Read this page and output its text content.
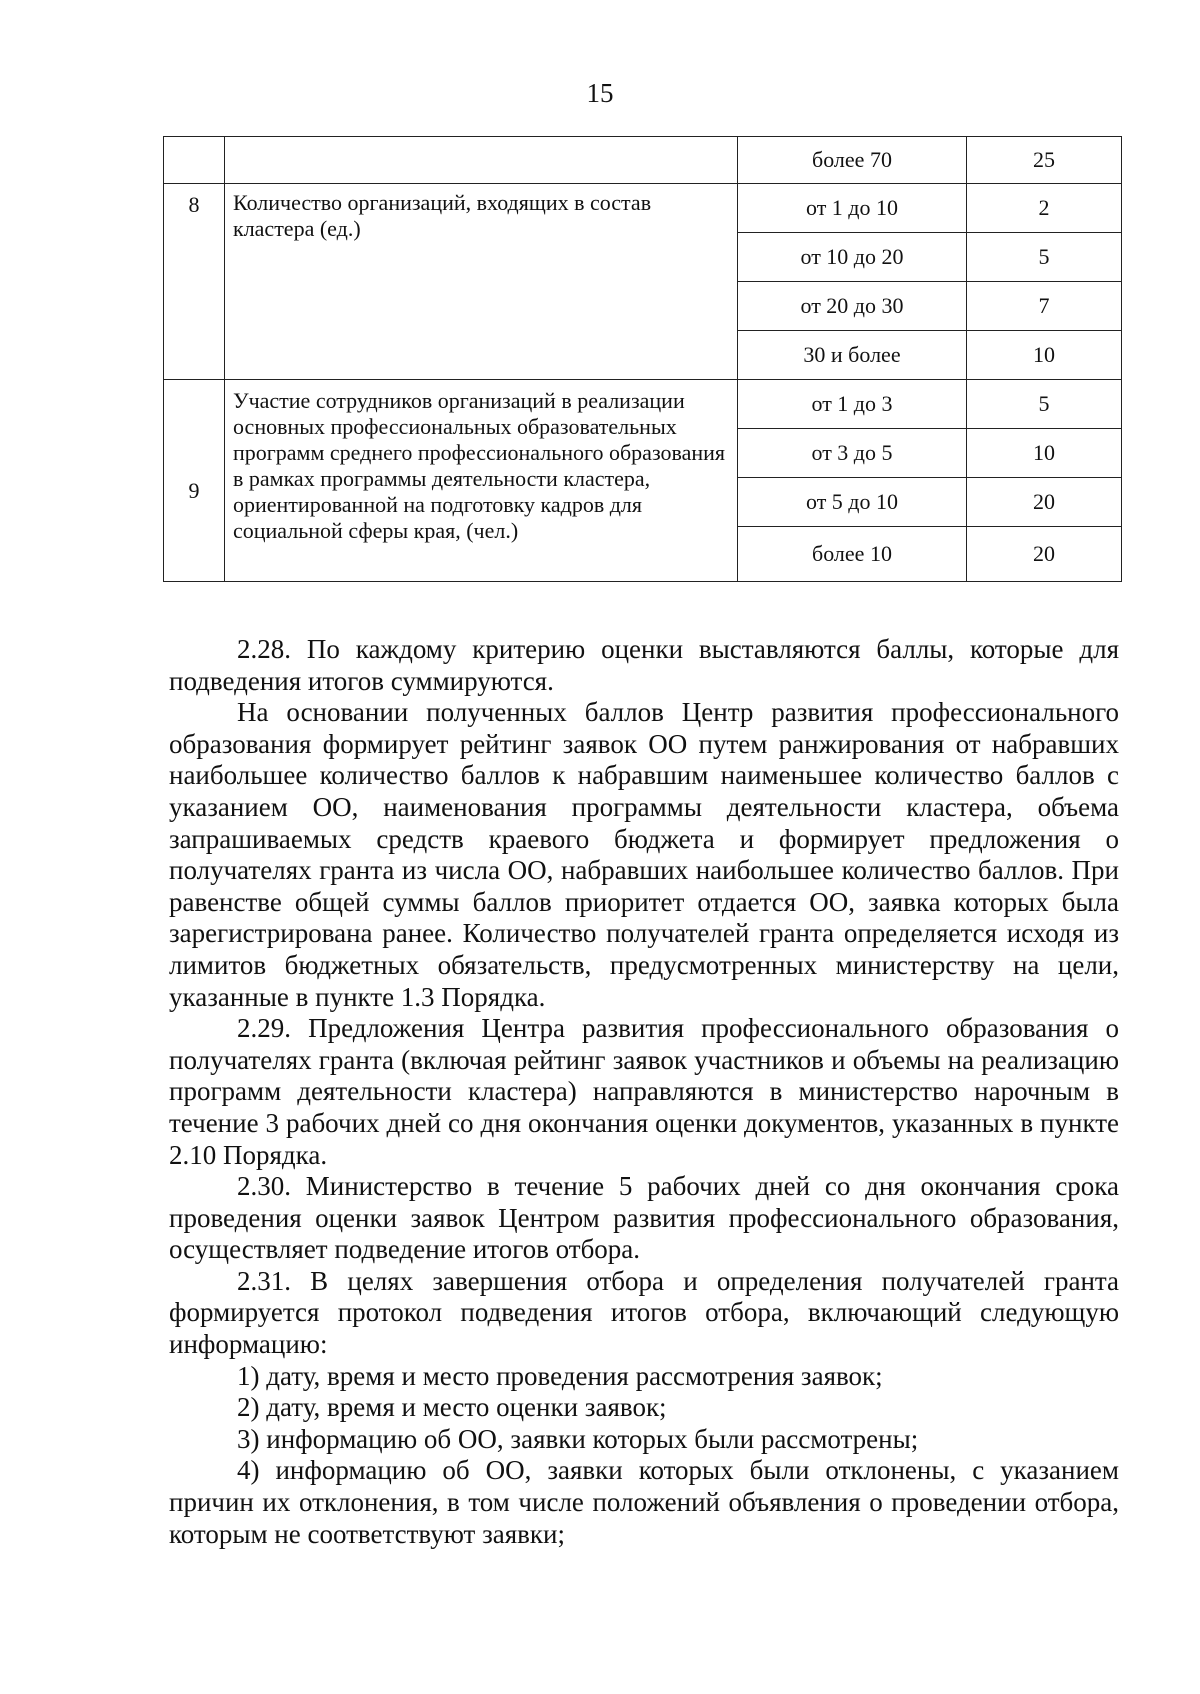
15
		более 70	25
8	Количество организаций, входящих в состав кластера (ед.)	от 1 до 10	2
		от 10 до 20	5
		от 20 до 30	7
		30 и более	10
9	Участие сотрудников организаций в реализации основных профессиональных образовательных программ среднего профессионального образования в рамках программы деятельности кластера, ориентированной на подготовку кадров для социальной сферы края, (чел.)	от 1 до 3	5
		от 3 до 5	10
		от 5 до 10	20
		более 10	20

2.28. По каждому критерию оценки выставляются баллы, которые для подведения итогов суммируются.

На основании полученных баллов Центр развития профессионального образования формирует рейтинг заявок ОО путем ранжирования от набравших наибольшее количество баллов к набравшим наименьшее количество баллов с указанием ОО, наименования программы деятельности кластера, объема запрашиваемых средств краевого бюджета и формирует предложения о получателях гранта из числа ОО, набравших наибольшее количество баллов. При равенстве общей суммы баллов приоритет отдается ОО, заявка которых была зарегистрирована ранее. Количество получателей гранта определяется исходя из лимитов бюджетных обязательств, предусмотренных министерству на цели, указанные в пункте 1.3 Порядка.

2.29. Предложения Центра развития профессионального образования о получателях гранта (включая рейтинг заявок участников и объемы на реализацию программ деятельности кластера) направляются в министерство нарочным в течение 3 рабочих дней со дня окончания оценки документов, указанных в пункте 2.10 Порядка.

2.30. Министерство в течение 5 рабочих дней со дня окончания срока проведения оценки заявок Центром развития профессионального образования, осуществляет подведение итогов отбора.

2.31. В целях завершения отбора и определения получателей гранта формируется протокол подведения итогов отбора, включающий следующую информацию:

1) дату, время и место проведения рассмотрения заявок;

2) дату, время и место оценки заявок;

3) информацию об ОО, заявки которых были рассмотрены;

4) информацию об ОО, заявки которых были отклонены, с указанием причин их отклонения, в том числе положений объявления о проведении отбора, которым не соответствуют заявки;
